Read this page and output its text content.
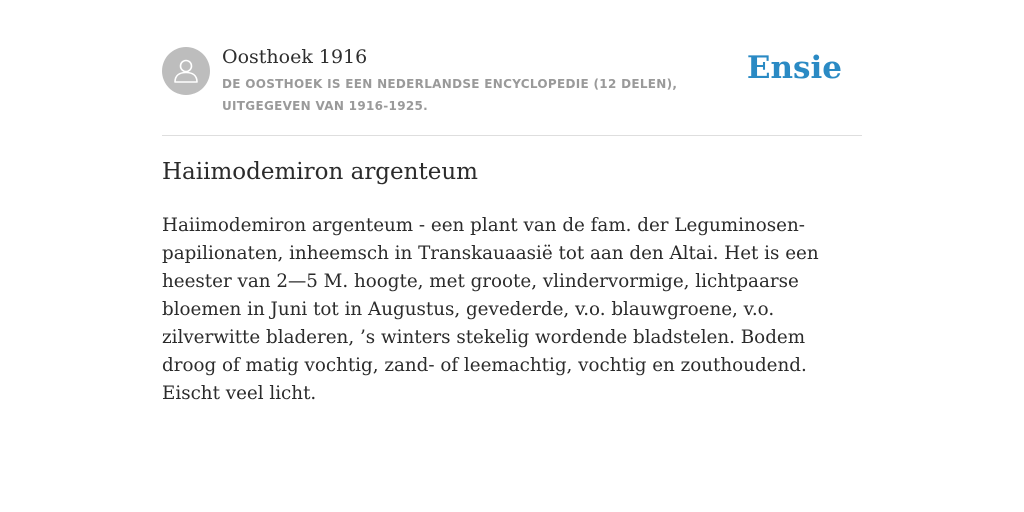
Oosthoek 1916
DE OOSTHOEK IS EEN NEDERLANDSE ENCYCLOPEDIE (12 DELEN), UITGEGEVEN VAN 1916-1925.
Ensie
Haiimodemiron argenteum

Haiimodemiron argenteum - een plant van de fam. der Leguminosen-papilionaten, inheemsch in Transkauaasië tot aan den Altai. Het is een heester van 2—5 M. hoogte, met groote, vlindervormige, lichtpaarse bloemen in Juni tot in Augustus, gevederde, v.o. blauwgroene, v.o. zilverwitte bladeren, ’s winters stekelig wordende bladstelen. Bodem droog of matig vochtig, zand- of leemachtig, vochtig en zouthoudend. Eischt veel licht.
